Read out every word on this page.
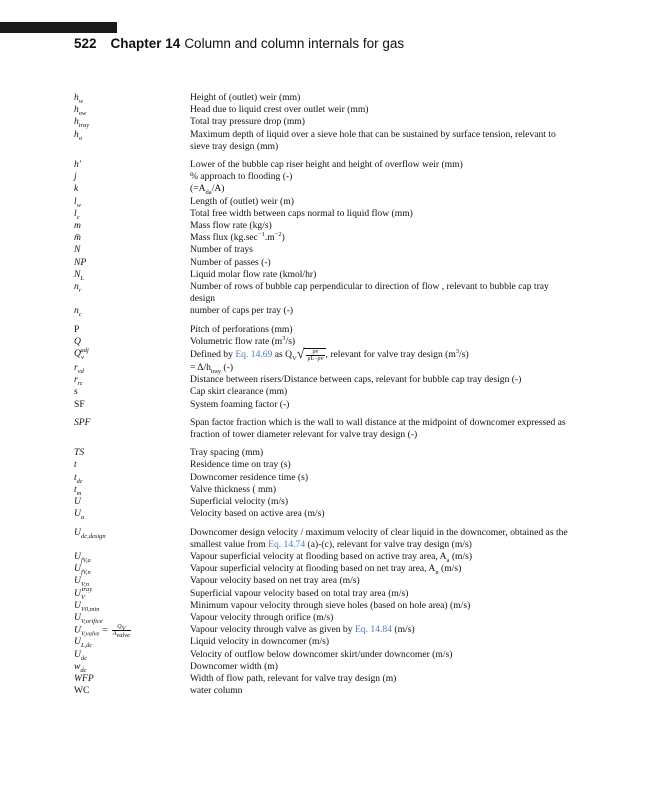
522 Chapter 14 Column and column internals for gas
$h_w$	Height of (outlet) weir (mm)
$h_{ow}$	Head due to liquid crest over outlet weir (mm)
$h_{tray}$	Total tray pressure drop (mm)
$h_\sigma$	Maximum depth of liquid over a sieve hole that can be sustained by surface tension, relevant to sieve tray design (mm)
h′	Lower of the bubble cap riser height and height of overflow weir (mm)
j	% approach to flooding (-)
k	$(=A_{da}/A)$
$l_w$	Length of (outlet) weir (m)
$l_c$	Total free width between caps normal to liquid flow (mm)
m	Mass flow rate (kg/s)
m̄	Mass flux $(kg.\sec^{-1}.m^{-2})$
N	Number of trays
NP	Number of passes (-)
$N_L$	Liquid molar flow rate (kmol/hr)
$n_r$	Number of rows of bubble cap perpendicular to direction of flow , relevant to bubble cap tray design
$n_c$	number of caps per tray (-)
P	Pitch of perforations (mm)
Q	Volumetric flow rate $(m^3/s)$
$Q_v^{adj}$	Defined by Eq. 14.69 as $Q_V√ \frac{\rho v}{\rho L-\rho v}$ , relevant for valve tray design $(m^3/s)$
$r_{vd}$	= $\Delta/h_{tray}$ (-)
$r_{rc}$	Distance between risers/Distance between caps, relevant for bubble cap tray design (-)
s	Cap skirt clearance (mm)
SF	System foaming factor (-)
SPF	Span factor fraction which is the wall to wall distance at the midpoint of downcomer expressed as fraction of tower diameter relevant for valve tray design (-)
TS	Tray spacing (mm)
t	Residence time on tray (s)
$t_{dc}$	Downcomer residence time (s)
$t_m$	Valve thickness ( mm)
U	Superficial velocity (m/s)
$U_a$	Velocity based on active area (m/s)
$U_{dc,design}$	Downcomer design velocity / maximum velocity of clear liquid in the downcomer, obtained as the smallest value from Eq. 14.74 (a)-(c), relevant for valve tray design (m/s)
$U_{fV,a}$	Vapour superficial velocity at flooding based on active tray area, $A_a$ (m/s)
$U_{fV,n}$	Vapour superficial velocity at flooding based on net tray area, $A_n$ (m/s)
$U_{V,n}$	Vapour velocity based on net tray area (m/s)
$U_V^{tray}$	Superficial vapour velocity based on total tray area (m/s)
$U_{V0,min}$	Minimum vapour velocity through sieve holes (based on hole area) (m/s)
$U_{V,orifice}$	Vapour velocity through orifice (m/s)
$U_{V,valve} = \frac{Q_V}{A_{valve}}$	Vapour velocity through valve as given by Eq. 14.84 (m/s)
$U_{L,dc}$	Liquid velocity in downcomer (m/s)
$U_{dc}$	Velocity of outflow below downcomer skirt/under downcomer (m/s)
$w_{dc}$	Downcomer width (m)
WFP	Width of flow path, relevant for valve tray design (m)
WC	water column
